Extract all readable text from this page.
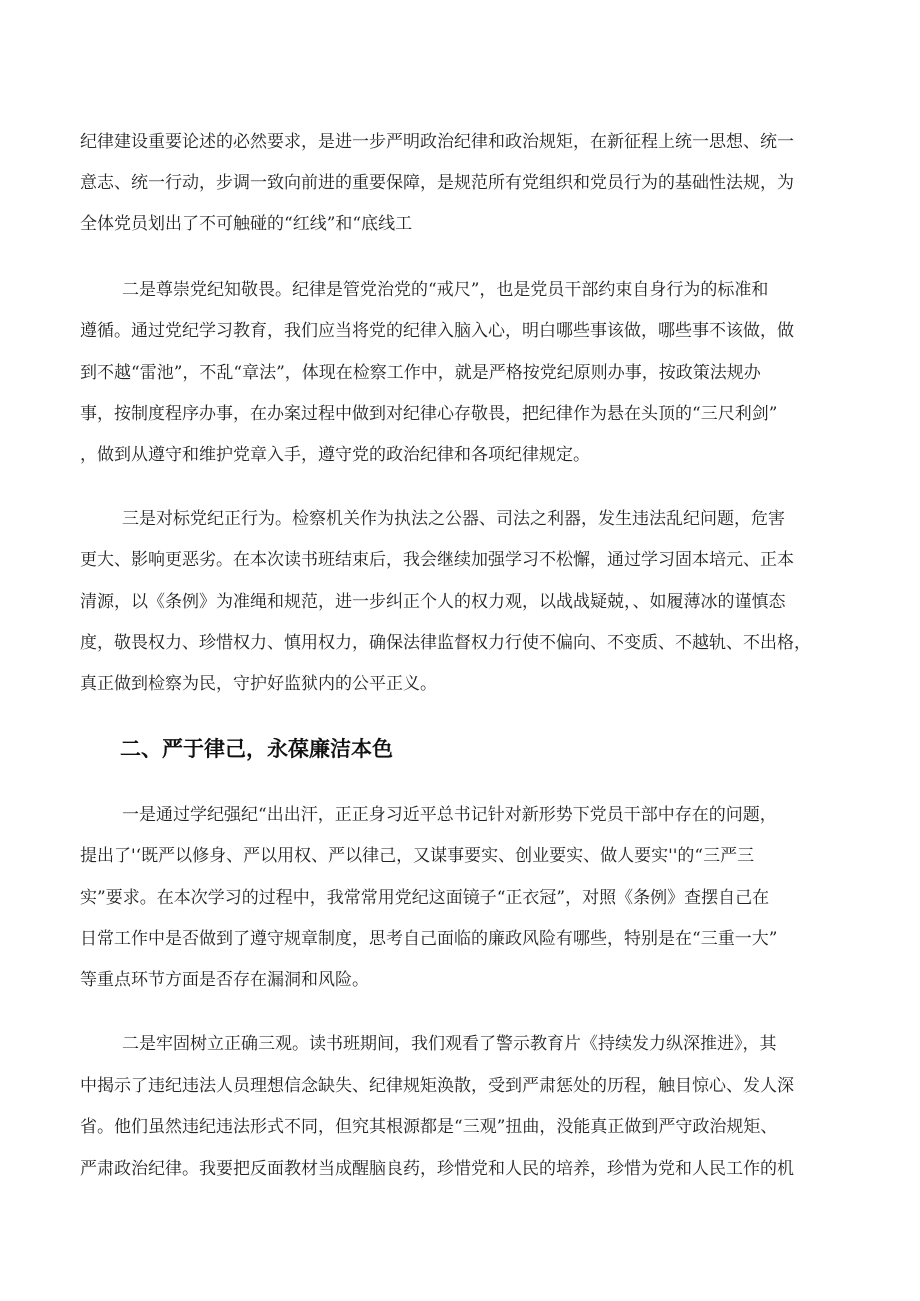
纪律建设重要论述的必然要求，是进一步严明政治纪律和政治规矩，在新征程上统一思想、统一
意志、统一行动，步调一致向前进的重要保障，是规范所有党组织和党员行为的基础性法规，为
全体党员划出了不可触碰的“红线”和“底线工
二是尊崇党纪知敬畏。纪律是管党治党的“戒尺”，也是党员干部约束自身行为的标准和
遵循。通过党纪学习教育，我们应当将党的纪律入脑入心，明白哪些事该做，哪些事不该做，做
到不越“雷池”，不乱“章法”，体现在检察工作中，就是严格按党纪原则办事，按政策法规办
事，按制度程序办事，在办案过程中做到对纪律心存敬畏，把纪律作为悬在头顶的“三尺利剑”
，做到从遵守和维护党章入手，遵守党的政治纪律和各项纪律规定。
三是对标党纪正行为。检察机关作为执法之公器、司法之利器，发生违法乱纪问题，危害
更大、影响更恶劣。在本次读书班结束后，我会继续加强学习不松懈，通过学习固本培元、正本
清源，以《条例》为准绳和规范，进一步纠正个人的权力观，以战战疑兢，、如履薄冰的谨慎态
度，敬畏权力、珍惜权力、慎用权力，确保法律监督权力行使不偏向、不变质、不越轨、不出格，
真正做到检察为民，守护好监狱内的公平正义。
二、严于律己，永葆廉洁本色
一是通过学纪强纪“出出汗，正正身习近平总书记针对新形势下党员干部中存在的问题，
提出了'‘既严以修身、严以用权、严以律己，又谋事要实、创业要实、做人要实''的“三严三
实”要求。在本次学习的过程中，我常常用党纪这面镜子“正衣冠”，对照《条例》查摆自己在
日常工作中是否做到了遵守规章制度，思考自己面临的廉政风险有哪些，特别是在“三重一大”
等重点环节方面是否存在漏洞和风险。
二是牢固树立正确三观。读书班期间，我们观看了警示教育片《持续发力纵深推进》，其
中揭示了违纪违法人员理想信念缺失、纪律规矩涣散，受到严肃惩处的历程，触目惊心、发人深
省。他们虽然违纪违法形式不同，但究其根源都是“三观”扭曲，没能真正做到严守政治规矩、
严肃政治纪律。我要把反面教材当成醒脑良药，珍惜党和人民的培养，珍惜为党和人民工作的机
